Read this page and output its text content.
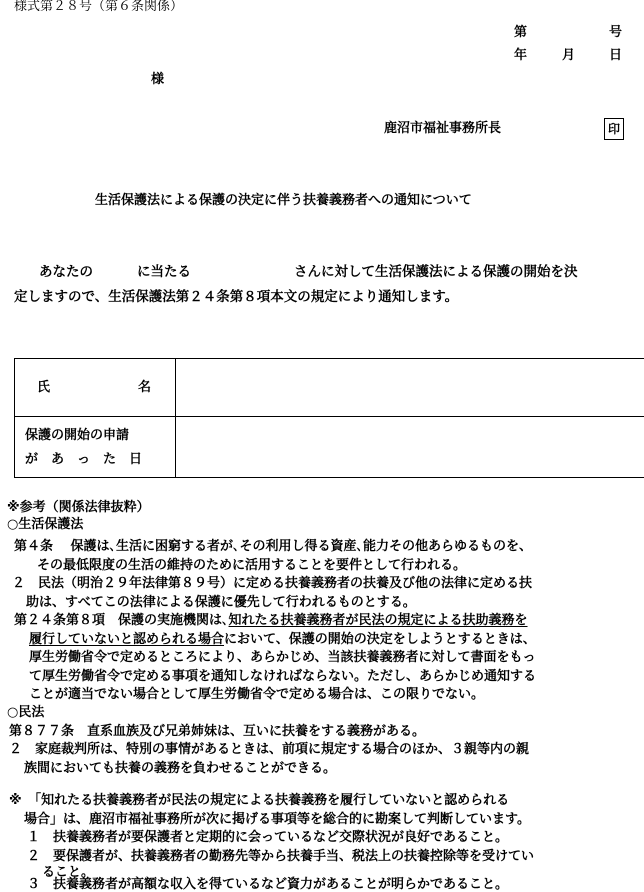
様式第２８号（第６条関係）
第	号
年	月	日
様
鹿沼市福祉事務所長	印
生活保護法による保護の決定に伴う扶養義務者への通知について
あなたの	に当たる	さんに対して生活保護法による保護の開始を決
定しますので、生活保護法第２４条第８項本文の規定により通知します。
氏	名
保護の開始の申請
が　あ　っ　た　日
※参考（関係法律抜粋）
○生活保護法
第４条　 保護は､生活に困窮する者が､その利用し得る資産､能力その他あらゆるものを、
その最低限度の生活の維持のために活用することを要件として行われる。
２　民法（明治２９年法律第８９号）に定める扶養義務者の扶養及び他の法律に定める扶
助は、すべてこの法律による保護に優先して行われるものとする。
第２４条第８項　保護の実施機関は､知れたる扶養義務者が民法の規定による扶助義務を
履行していないと認められる場合において、保護の開始の決定をしようとするときは、
厚生労働省令で定めるところにより、あらかじめ、当該扶養義務者に対して書面をもっ
て厚生労働省令で定める事項を通知しなければならない。ただし、あらかじめ通知する
ことが適当でない場合として厚生労働省令で定める場合は、この限りでない。
○民法
第８７７条　直系血族及び兄弟姉妹は、互いに扶養をする義務がある。
２　家庭裁判所は、特別の事情があるときは、前項に規定する場合のほか、３親等内の親
族間においても扶養の義務を負わせることができる。
※　「知れたる扶養義務者が民法の規定による扶養義務を履行していないと認められる
場合」は、鹿沼市福祉事務所が次に掲げる事項等を総合的に勘案して判断しています。
１　扶養義務者が要保護者と定期的に会っているなど交際状況が良好であること。
２　要保護者が、扶養義務者の勤務先等から扶養手当、税法上の扶養控除等を受けてい
ること。
３　扶養義務者が高額な収入を得ているなど資力があることが明らかであること。
